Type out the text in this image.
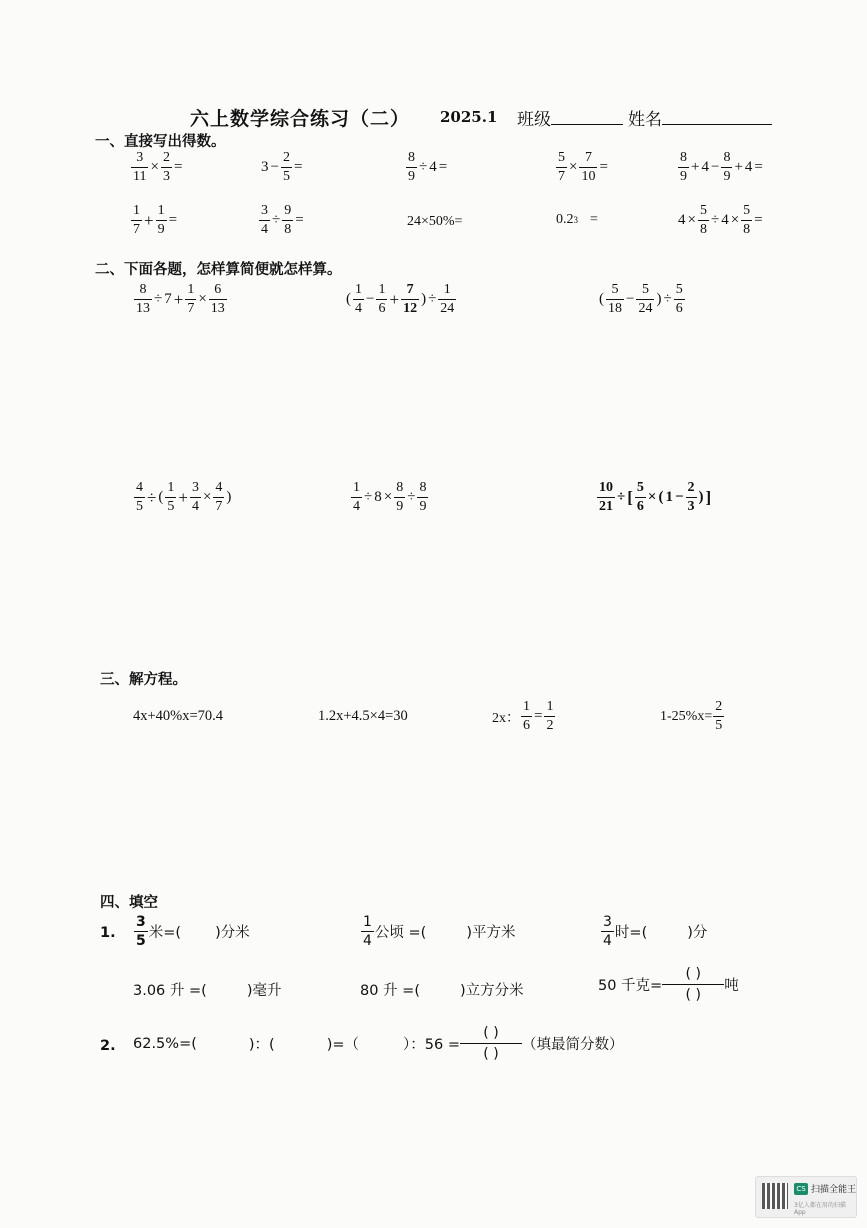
六上数学综合练习（二） 2025.1 班级	姓名
一、直接写出得数。
$\frac{3}{11} \times \frac{2}{3}$ =	$3 - \frac{2}{5}$ =	$\frac{8}{9} \div 4$ =	$\frac{5}{7} \times \frac{7}{10}$ =	$\frac{8}{9} + 4 - \frac{8}{9} + 4$ =
$\frac{1}{7} + \frac{1}{9}$ =	$\frac{3}{4} \div \frac{9}{8}$ =	24×50%=	0.2 3 =	$4 \times \frac{5}{8} \div 4 \times \frac{5}{8}$ =
二、下面各题，怎样算简便就怎样算。
$\frac{8}{13} \div 7 + \frac{1}{7} \times \frac{6}{13}$	( $\frac{1}{4} - \frac{1}{6} + \frac{7}{12}$ ) ÷ $\frac{1}{24}$	( $\frac{5}{18} - \frac{5}{24}$ ) ÷ $\frac{5}{6}$
$\frac{4}{5}$ ÷ ( $\frac{1}{5} + \frac{3}{4} \times \frac{4}{7}$ )	$\frac{1}{4} \div 8 \times \frac{8}{9} \div \frac{8}{9}$	$\frac{10}{21}$ ÷ [ $\frac{5}{6}$ × ( $1 - \frac{2}{3}$ ) ]
三、解方程。
4x+40%x=70.4	1.2x+4.5×4=30	2x： $\frac{1}{6} = \frac{1}{2}$	$1-25\%x= \frac{2}{5}$
四、填空
1. $\frac{3}{5}$ 米=( )分米	$\frac{1}{4}$ 公顷 =(	)平方米	$\frac{3}{4}$ 时=(	)分
3.06 升 =(	)毫升	80 升 =(	)立方分米	50 千克= $\frac{( )}{( )}$ 吨
2. 62.5%=(	)：(	)=（	）：$56 = \frac{( )}{( )}$ （填最简分数）
CS 扫描全能王
3亿人都在用的扫描App
